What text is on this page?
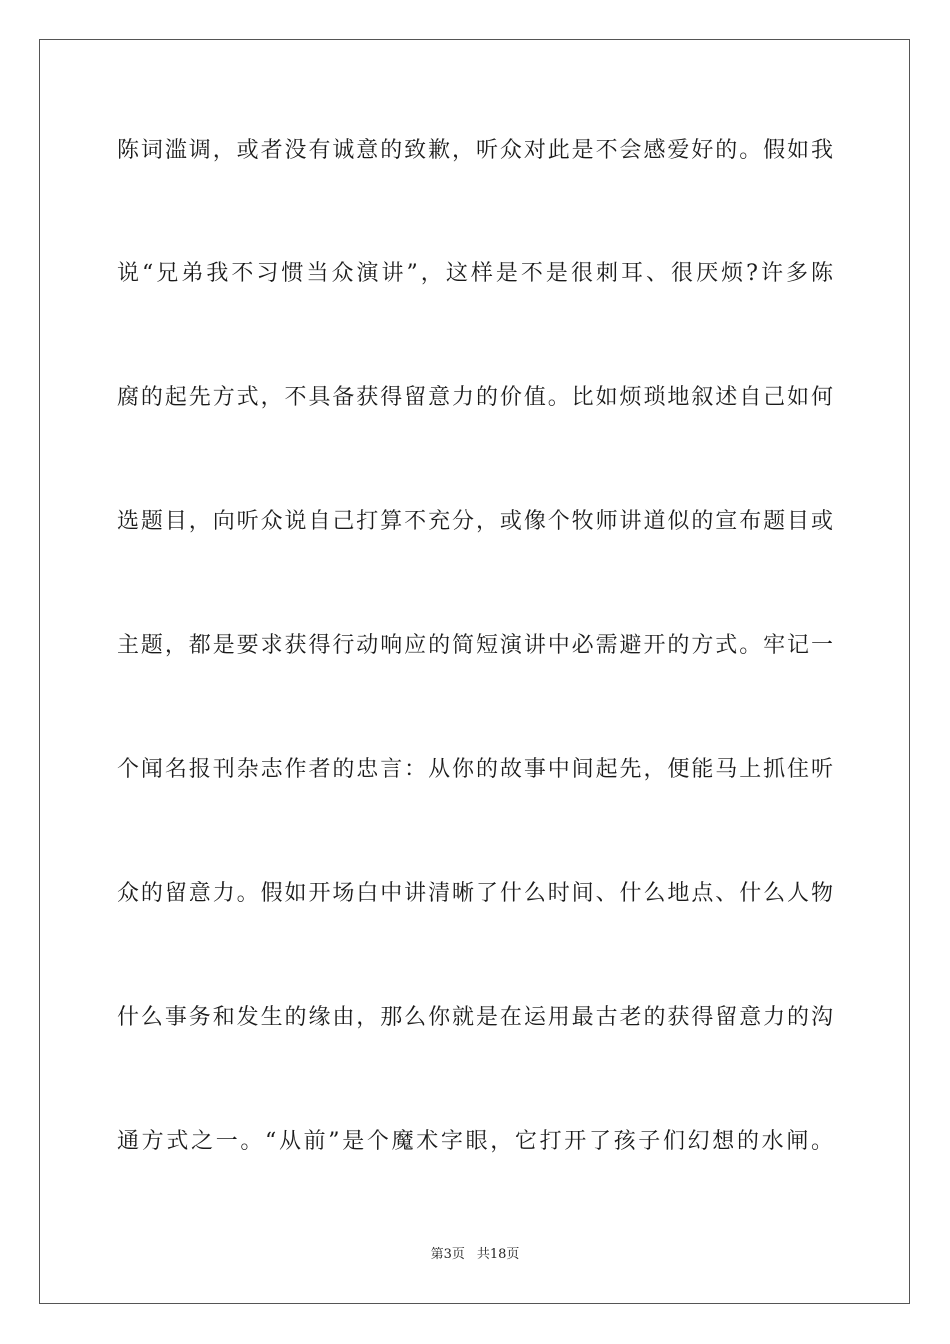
陈词滥调，或者没有诚意的致歉，听众对此是不会感爱好的。假如我

说“兄弟我不习惯当众演讲”，这样是不是很刺耳、很厌烦?许多陈

腐的起先方式，不具备获得留意力的价值。比如烦琐地叙述自己如何

选题目，向听众说自己打算不充分，或像个牧师讲道似的宣布题目或

主题，都是要求获得行动响应的简短演讲中必需避开的方式。牢记一

个闻名报刊杂志作者的忠言：从你的故事中间起先，便能马上抓住听

众的留意力。假如开场白中讲清晰了什么时间、什么地点、什么人物

什么事务和发生的缘由，那么你就是在运用最古老的获得留意力的沟

通方式之一。“从前”是个魔术字眼，它打开了孩子们幻想的水闸。

第3页 共18页
